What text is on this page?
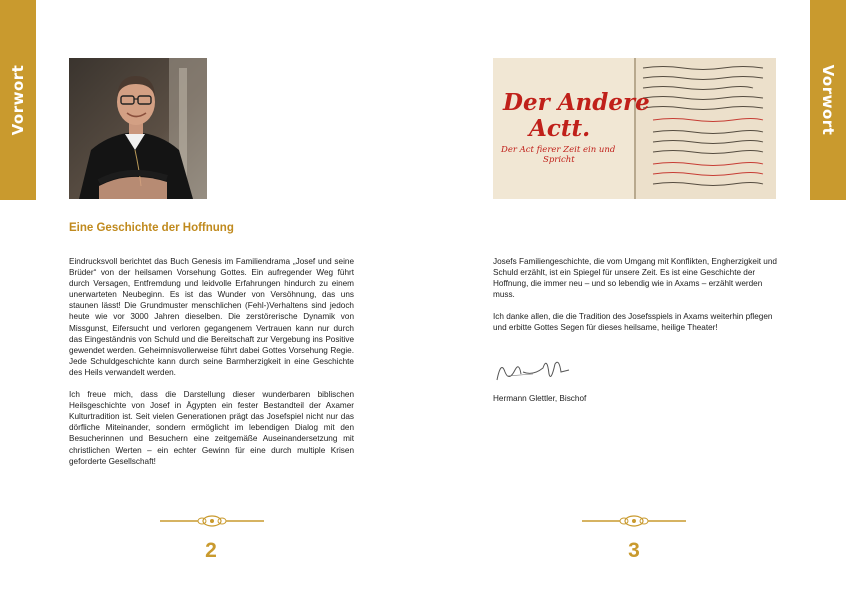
Vorwort	Vorwort
Der Andere
Actt.
Der Act fierer Zeit ein und
Spricht
Eine Geschichte der Hoffnung

Eindrucksvoll berichtet das Buch Genesis im Familiendrama „Josef und seine Brüder“ von der heilsamen Vorsehung Gottes. Ein aufregender Weg führt durch Versagen, Entfremdung und leidvolle Erfahrungen hindurch zu einem unerwarteten Neubeginn. Es ist das Wunder von Versöhnung, das uns staunen lässt! Die Grundmuster menschlichen (Fehl-)Verhaltens sind jedoch heute wie vor 3000 Jahren dieselben. Die zerstörerische Dynamik von Missgunst, Eifersucht und verloren gegangenem Vertrauen kann nur durch das Eingeständnis von Schuld und die Bereitschaft zur Vergebung ins Positive gewendet werden. Geheimnisvollerweise führt dabei Gottes Vorsehung Regie. Jede Schuldgeschichte kann durch seine Barmherzigkeit in eine Geschichte des Heils verwandelt werden.

Ich freue mich, dass die Darstellung dieser wunderbaren biblischen Heilsgeschichte von Josef in Ägypten ein fester Bestandteil der Axamer Kulturtradition ist. Seit vielen Generationen prägt das Josefspiel nicht nur das dörfliche Miteinander, sondern ermöglicht im lebendigen Dialog mit den Besucherinnen und Besuchern eine zeitgemäße Auseinandersetzung mit christlichen Werten – ein echter Gewinn für eine durch multiple Krisen geforderte Gesellschaft!

Josefs Familiengeschichte, die vom Umgang mit Konflikten, Engherzigkeit und Schuld erzählt, ist ein Spiegel für unsere Zeit. Es ist eine Geschichte der Hoffnung, die immer neu – und so lebendig wie in Axams – erzählt werden muss.

Ich danke allen, die die Tradition des Josefsspiels in Axams weiterhin pflegen und erbitte Gottes Segen für dieses heilsame, heilige Theater!

Hermann Glettler, Bischof
2	3
